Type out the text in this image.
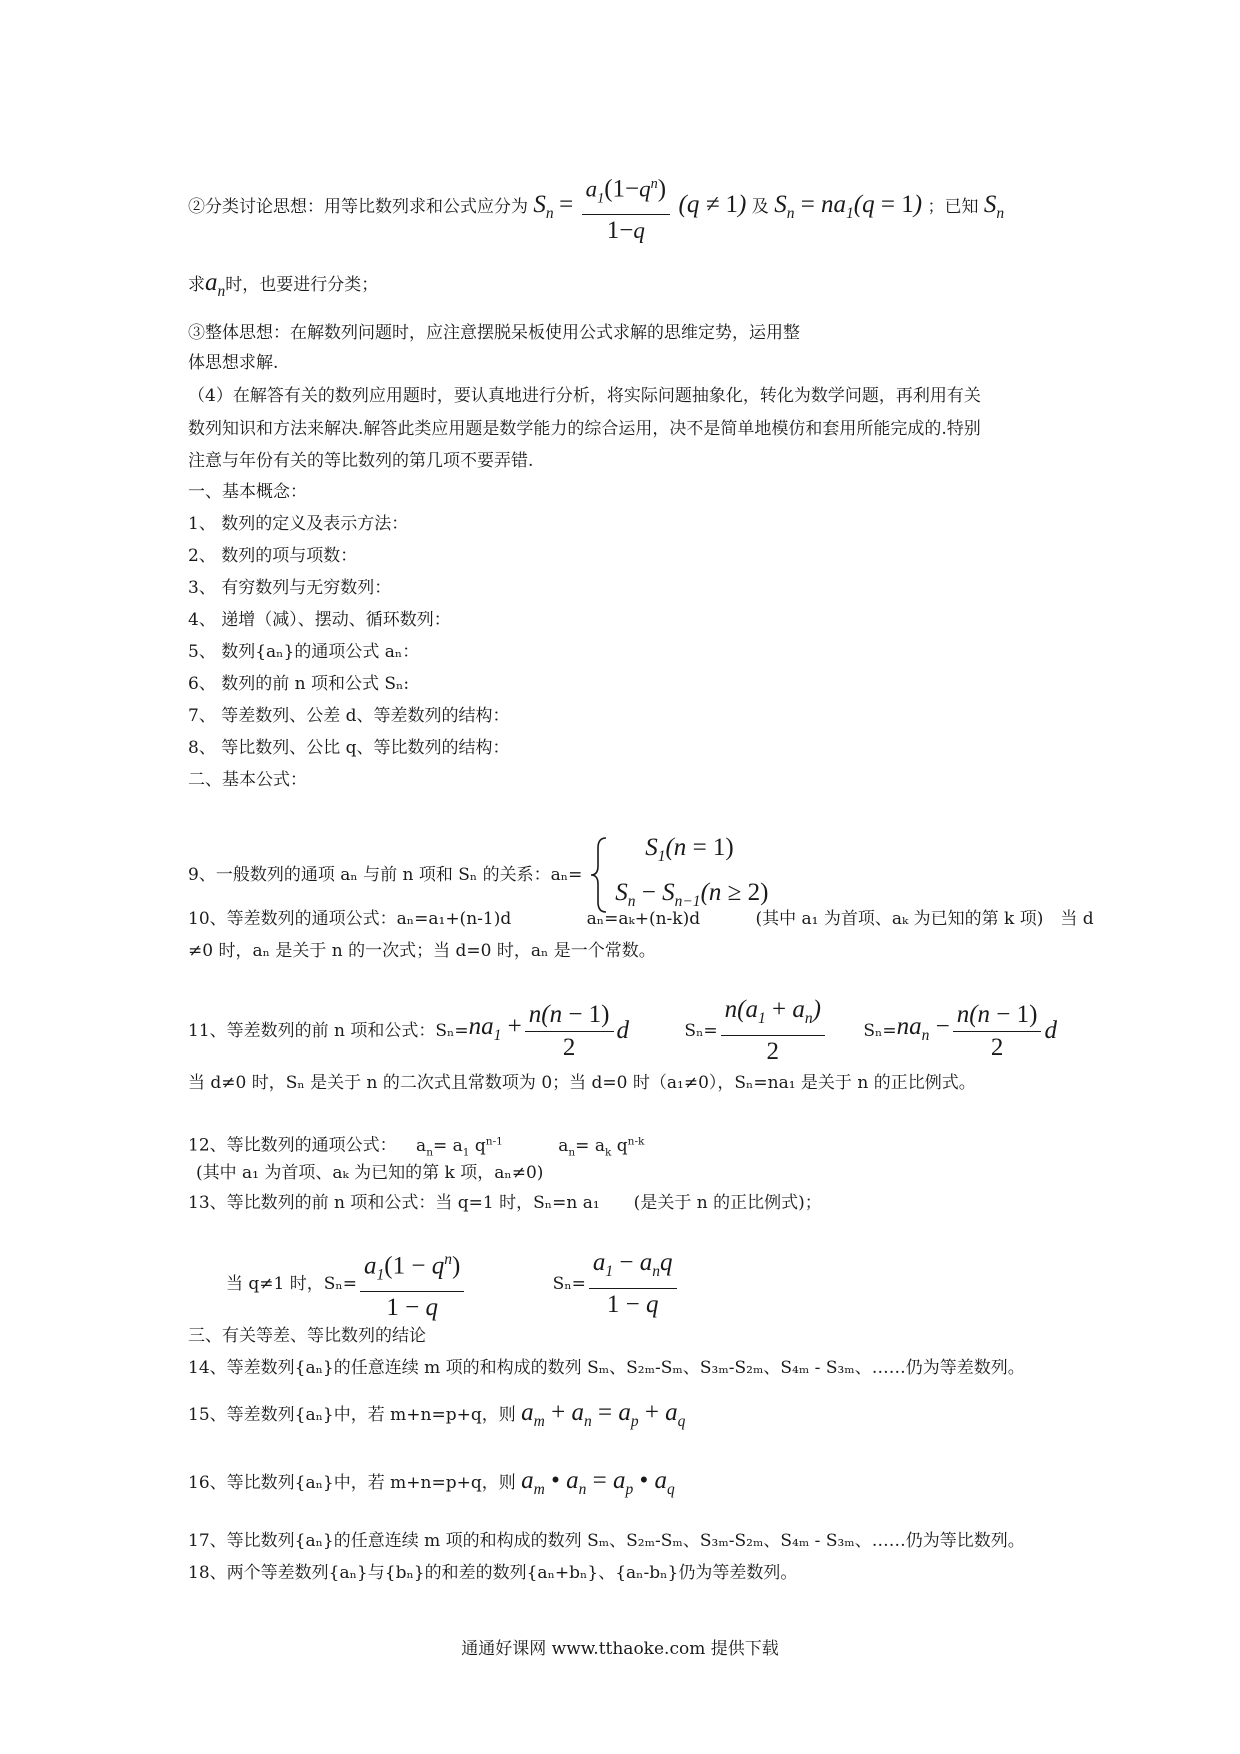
②分类讨论思想：用等比数列求和公式应分为 $S_n = \frac{a_1(1-q^n)}{1-q} (q \ne 1)$ 及 $S_n = na_1(q = 1)$ ；已知 $S_n$
求$a_n$时，也要进行分类；
③整体思想：在解数列问题时，应注意摆脱呆板使用公式求解的思维定势，运用整
体思想求解.
（4）在解答有关的数列应用题时，要认真地进行分析，将实际问题抽象化，转化为数学问题，再利用有关
数列知识和方法来解决.解答此类应用题是数学能力的综合运用，决不是简单地模仿和套用所能完成的.特别
注意与年份有关的等比数列的第几项不要弄错.
一、基本概念：
1、 数列的定义及表示方法：
2、 数列的项与项数：
3、 有穷数列与无穷数列：
4、 递增（减）、摆动、循环数列：
5、 数列{aₙ}的通项公式 aₙ：
6、 数列的前 n 项和公式 Sₙ:
7、 等差数列、公差 d、等差数列的结构：
8、 等比数列、公比 q、等比数列的结构：
二、基本公式：
9、一般数列的通项 aₙ 与前 n 项和 Sₙ 的关系：aₙ=
$S_1(n = 1)$
$S_n - S_{n-1}(n \ge 2)$
10、等差数列的通项公式：aₙ=a₁+(n-1)d	aₙ=aₖ+(n-k)d	(其中 a₁ 为首项、aₖ 为已知的第 k 项)　当 d
≠0 时，aₙ 是关于 n 的一次式；当 d=0 时，aₙ 是一个常数。
11、等差数列的前 n 项和公式：$S_n=na_1 + \frac{n(n - 1)}{2}$ d	$S_n= \frac{n(a_1 + a_n)}{2} S_n=na_n - \frac{n(n - 1)}{2}$ d
当 d≠0 时，Sₙ 是关于 n 的二次式且常数项为 0；当 d=0 时（a₁≠0），Sₙ=na₁ 是关于 n 的正比例式。
12、等比数列的通项公式： $a_n= a_1$ $q^{n-1}$	$a_n= a_k$ $q^{n-k}$
(其中 a₁ 为首项、aₖ 为已知的第 k 项，aₙ≠0)
13、等比数列的前 n 项和公式：当 q=1 时，Sₙ=n a₁　　(是关于 n 的正比例式)；
当 q≠1 时，$S_n= \frac{a_1(1 - q^n)}{1 - q}$	$S_n= \frac{a_1 - a_nq}{1 - q}$
三、有关等差、等比数列的结论
14、等差数列{aₙ}的任意连续 m 项的和构成的数列 Sₘ、S₂ₘ-Sₘ、S₃ₘ-S₂ₘ、S₄ₘ - S₃ₘ、……仍为等差数列。
15、等差数列{aₙ}中，若 m+n=p+q，则 $a_m + a_n = a_p + a_q$
16、等比数列{aₙ}中，若 m+n=p+q，则 $a_m$ • $a_n = a_p$ • $a_q$
17、等比数列{aₙ}的任意连续 m 项的和构成的数列 Sₘ、S₂ₘ-Sₘ、S₃ₘ-S₂ₘ、S₄ₘ - S₃ₘ、……仍为等比数列。
18、两个等差数列{aₙ}与{bₙ}的和差的数列{aₙ+bₙ}、{aₙ-bₙ}仍为等差数列。
通通好课网 www.tthaoke.com 提供下载
